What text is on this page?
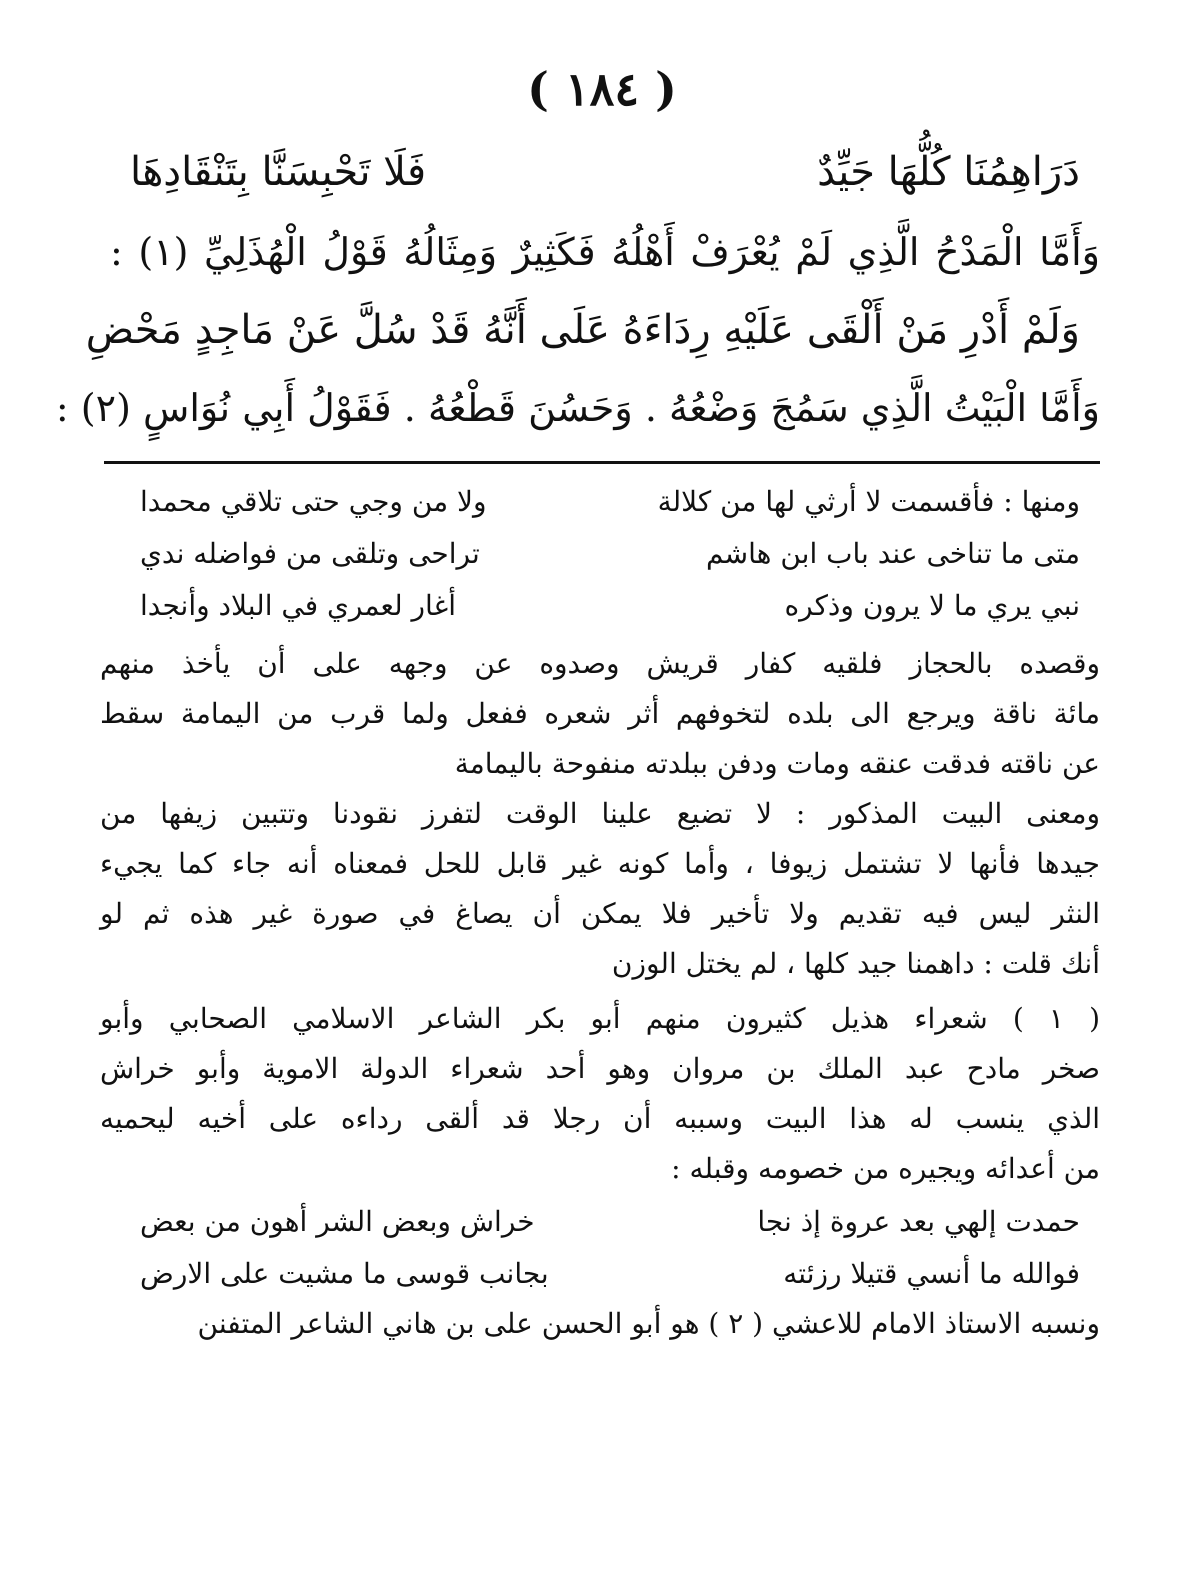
( ١٨٤ )
دَرَاهِمُنَا كُلُّهَا جَيِّدٌ
فَلَا تَحْبِسَنَّا بِتَنْقَادِهَا
وَأَمَّا الْمَدْحُ الَّذِي لَمْ يُعْرَفْ أَهْلُهُ فَكَثِيرٌ وَمِثَالُهُ قَوْلُ الْهُذَلِيِّ (١) :
وَلَمْ أَدْرِ مَنْ أَلْقَى عَلَيْهِ رِدَاءَهُ
عَلَى أَنَّهُ قَدْ سُلَّ عَنْ مَاجِدٍ مَحْضِ
وَأَمَّا الْبَيْتُ الَّذِي سَمُجَ وَضْعُهُ . وَحَسُنَ قَطْعُهُ . فَقَوْلُ أَبِي نُوَاسٍ (٢) :
ومنها : فأقسمت لا أرثي لها من كلالة
ولا من وجي حتى تلاقي محمدا
متى ما تناخى عند باب ابن هاشم
تراحى وتلقى من فواضله ندي
نبي يري ما لا يرون وذكره
أغار لعمري في البلاد وأنجدا
وقصده بالحجاز فلقيه كفار قريش وصدوه عن وجهه على أن يأخذ منهم
مائة ناقة ويرجع الى بلده لتخوفهم أثر شعره ففعل ولما قرب من اليمامة سقط
عن ناقته فدقت عنقه ومات ودفن ببلدته منفوحة باليمامة
ومعنى البيت المذكور : لا تضيع علينا الوقت لتفرز نقودنا وتتبين زيفها من
جيدها فأنها لا تشتمل زيوفا ، وأما كونه غير قابل للحل فمعناه أنه جاء كما يجيء
النثر ليس فيه تقديم ولا تأخير فلا يمكن أن يصاغ في صورة غير هذه ثم لو
أنك قلت : داهمنا جيد كلها ، لم يختل الوزن
( ١ ) شعراء هذيل كثيرون منهم أبو بكر الشاعر الاسلامي الصحابي وأبو
صخر مادح عبد الملك بن مروان وهو أحد شعراء الدولة الاموية وأبو خراش
الذي ينسب له هذا البيت وسببه أن رجلا قد ألقى رداءه على أخيه ليحميه
من أعدائه ويجيره من خصومه وقبله :
حمدت إلهي بعد عروة إذ نجا
خراش وبعض الشر أهون من بعض
فوالله ما أنسي قتيلا رزئته
بجانب قوسى ما مشيت على الارض
ونسبه الاستاذ الامام للاعشي ( ٢ ) هو أبو الحسن على بن هاني الشاعر المتفنن
